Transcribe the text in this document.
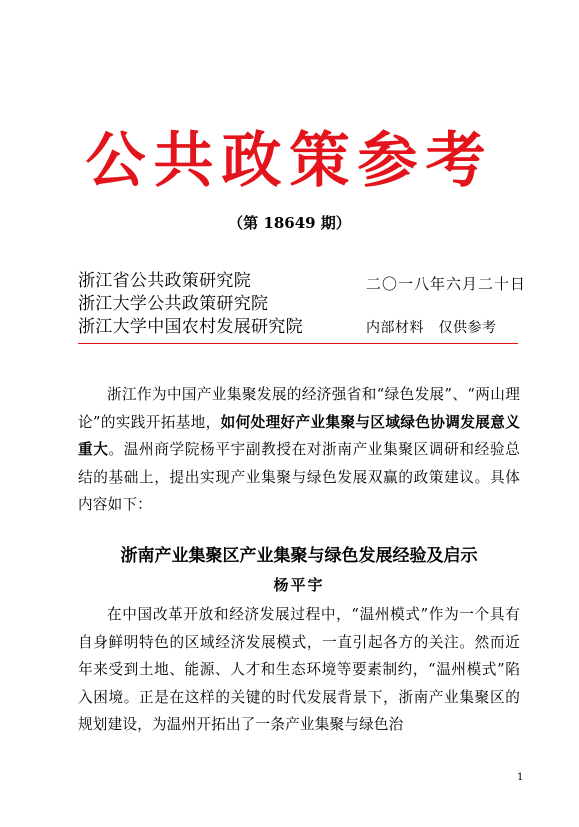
公共政策参考
（第 18649 期）
浙江省公共政策研究院
浙江大学公共政策研究院
浙江大学中国农村发展研究院
二〇一八年六月二十日
内部材料　仅供参考
浙江作为中国产业集聚发展的经济强省和“绿色发展”、“两山理论”的实践开拓基地，如何处理好产业集聚与区域绿色协调发展意义重大。温州商学院杨平宇副教授在对浙南产业集聚区调研和经验总结的基础上，提出实现产业集聚与绿色发展双赢的政策建议。具体内容如下：
浙南产业集聚区产业集聚与绿色发展经验及启示
杨平宇
在中国改革开放和经济发展过程中，“温州模式”作为一个具有自身鲜明特色的区域经济发展模式，一直引起各方的关注。然而近年来受到土地、能源、人才和生态环境等要素制约，“温州模式”陷入困境。正是在这样的关键的时代发展背景下，浙南产业集聚区的规划建设，为温州开拓出了一条产业集聚与绿色治
1
